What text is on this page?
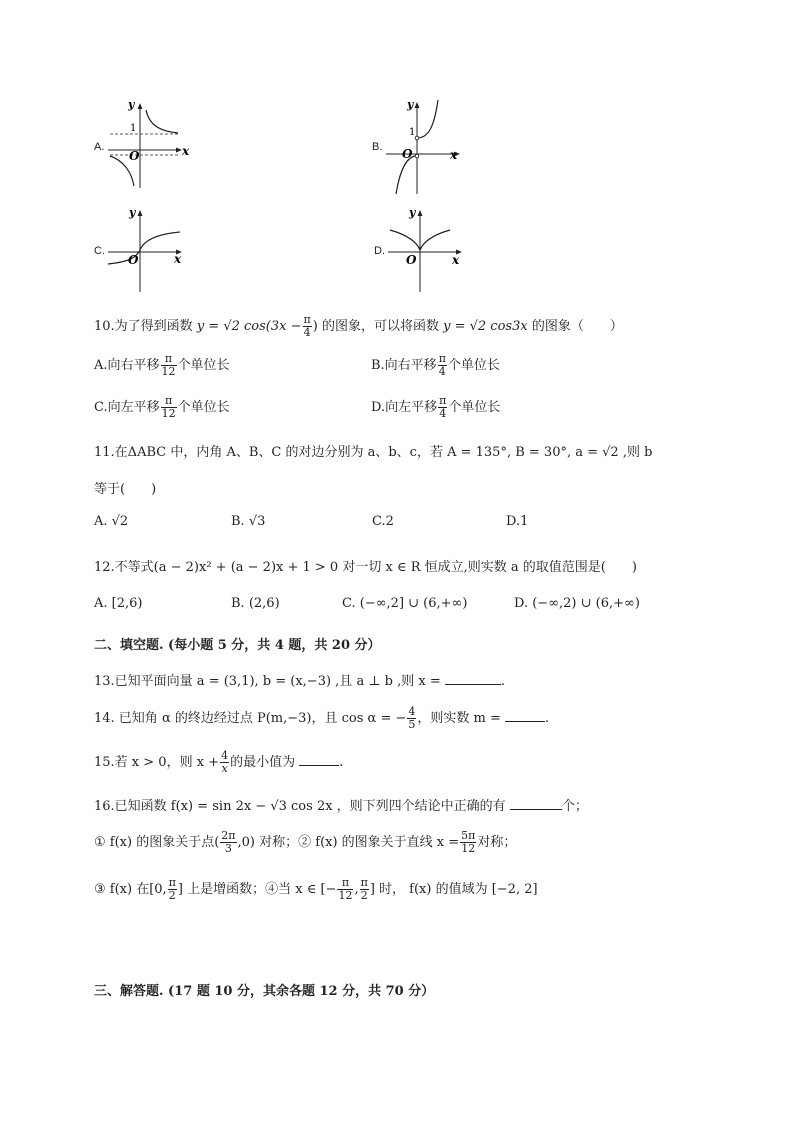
A.
y
x
1
O
B.
y
x
1
O
C.
y
x
O
D.
y
x
O
10.为了得到函数 y = √2 $\cos(3x - \frac{\pi}{4}$ ) 的图象，可以将函数 y = √2 cos3x 的图象（　　）
A.向右平移 $\frac{\pi}{12}$ 个单位长	B.向右平移 $\frac{\pi}{4}$ 个单位长
C.向左平移 $\frac{\pi}{12}$ 个单位长	D.向左平移 $\frac{\pi}{4}$ 个单位长
11.在ΔABC 中，内角 A、B、C 的对边分别为 a、b、c，若 A = 135°, B = 30°, a = √2 ,则 b
等于(　　)
A. √2	B. √3	C.2	D.1
12.不等式(a − 2)x² + (a − 2)x + 1 > 0 对一切 x ∈ R 恒成立,则实数 a 的取值范围是(　　)
A. [2,6)	B. (2,6)	C. (−∞,2] ∪ (6,+∞)	D. (−∞,2) ∪ (6,+∞)
二、填空题. (每小题 5 分，共 4 题，共 20 分）
13.已知平面向量 a = (3,1), b = (x,−3) ,且 a ⊥ b ,则 x =	.
14. 已知角 α 的终边经过点 P(m,−3)，且 cos α = − $\frac{4}{5}$ ，则实数 m =	.
15.若 x > 0，则 $x + \frac{4}{x}$ 的最小值为	.
16.已知函数 f(x) = sin 2x − √3 cos 2x ，则下列四个结论中正确的有	个；
① f(x) 的图象关于点( $\frac{2\pi}{3} ,0$) 对称；② f(x) 的图象关于直线 $x = \frac{5\pi}{12}$ 对称；
③ f(x) 在[0, $\frac{\pi}{2}$ ] 上是增函数；④当 x ∈ [− $\frac{\pi}{12}$ , $\frac{\pi}{2}$ ] 时， f(x) 的值域为 [−2, 2]
三、解答题. (17 题 10 分，其余各题 12 分，共 70 分）
